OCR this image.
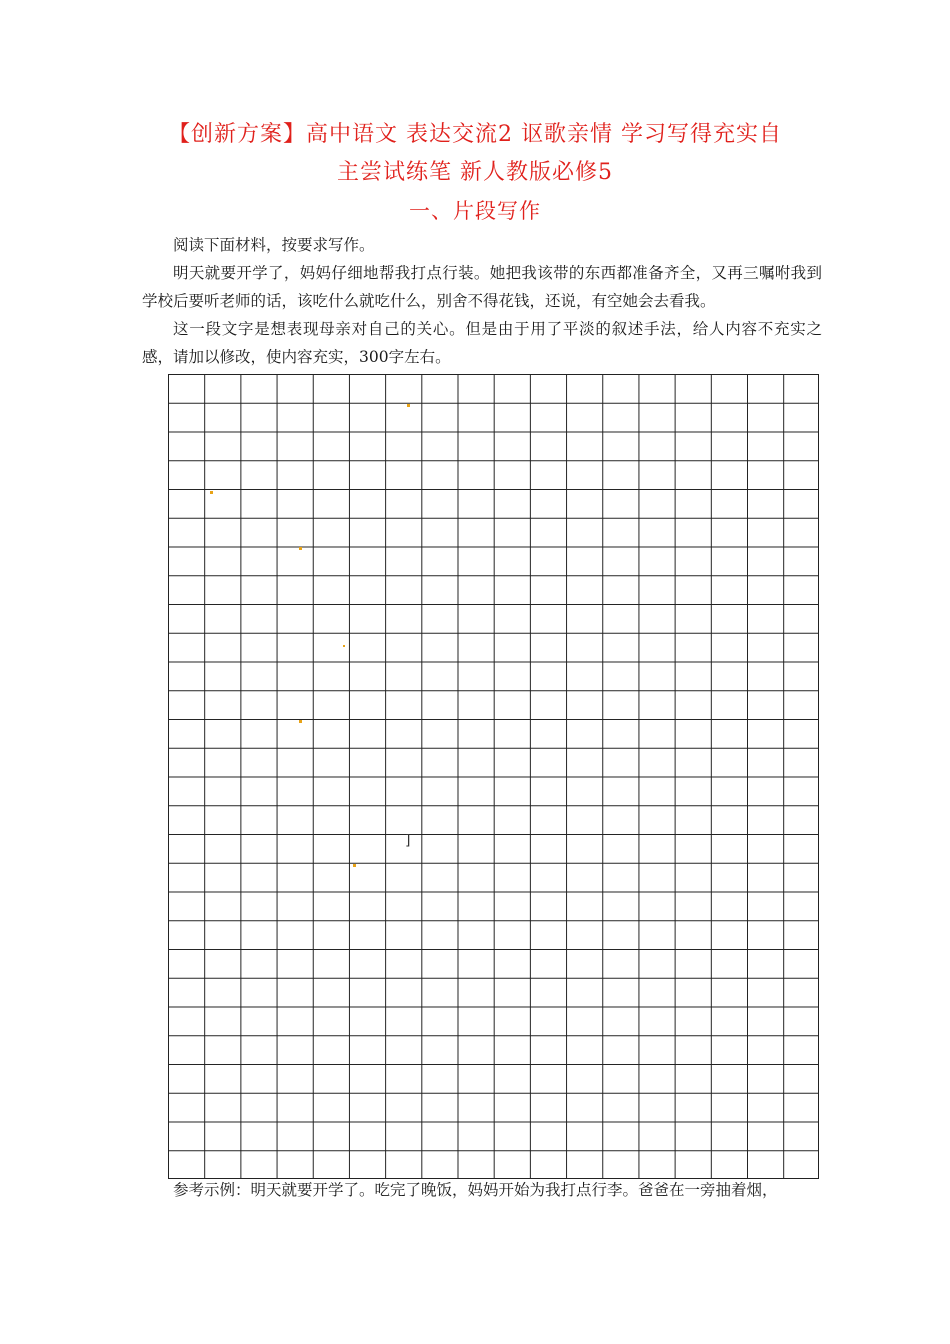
【创新方案】高中语文 表达交流2 讴歌亲情 学习写得充实自
主尝试练笔 新人教版必修5
一、片段写作

阅读下面材料，按要求写作。

明天就要开学了，妈妈仔细地帮我打点行装。她把我该带的东西都准备齐全，又再三嘱咐我到学校后要听老师的话，该吃什么就吃什么，别舍不得花钱，还说，有空她会去看我。

这一段文字是想表现母亲对自己的关心。但是由于用了平淡的叙述手法，给人内容不充实之感，请加以修改，使内容充实，300字左右。

]

参考示例：明天就要开学了。吃完了晚饭，妈妈开始为我打点行李。爸爸在一旁抽着烟，
